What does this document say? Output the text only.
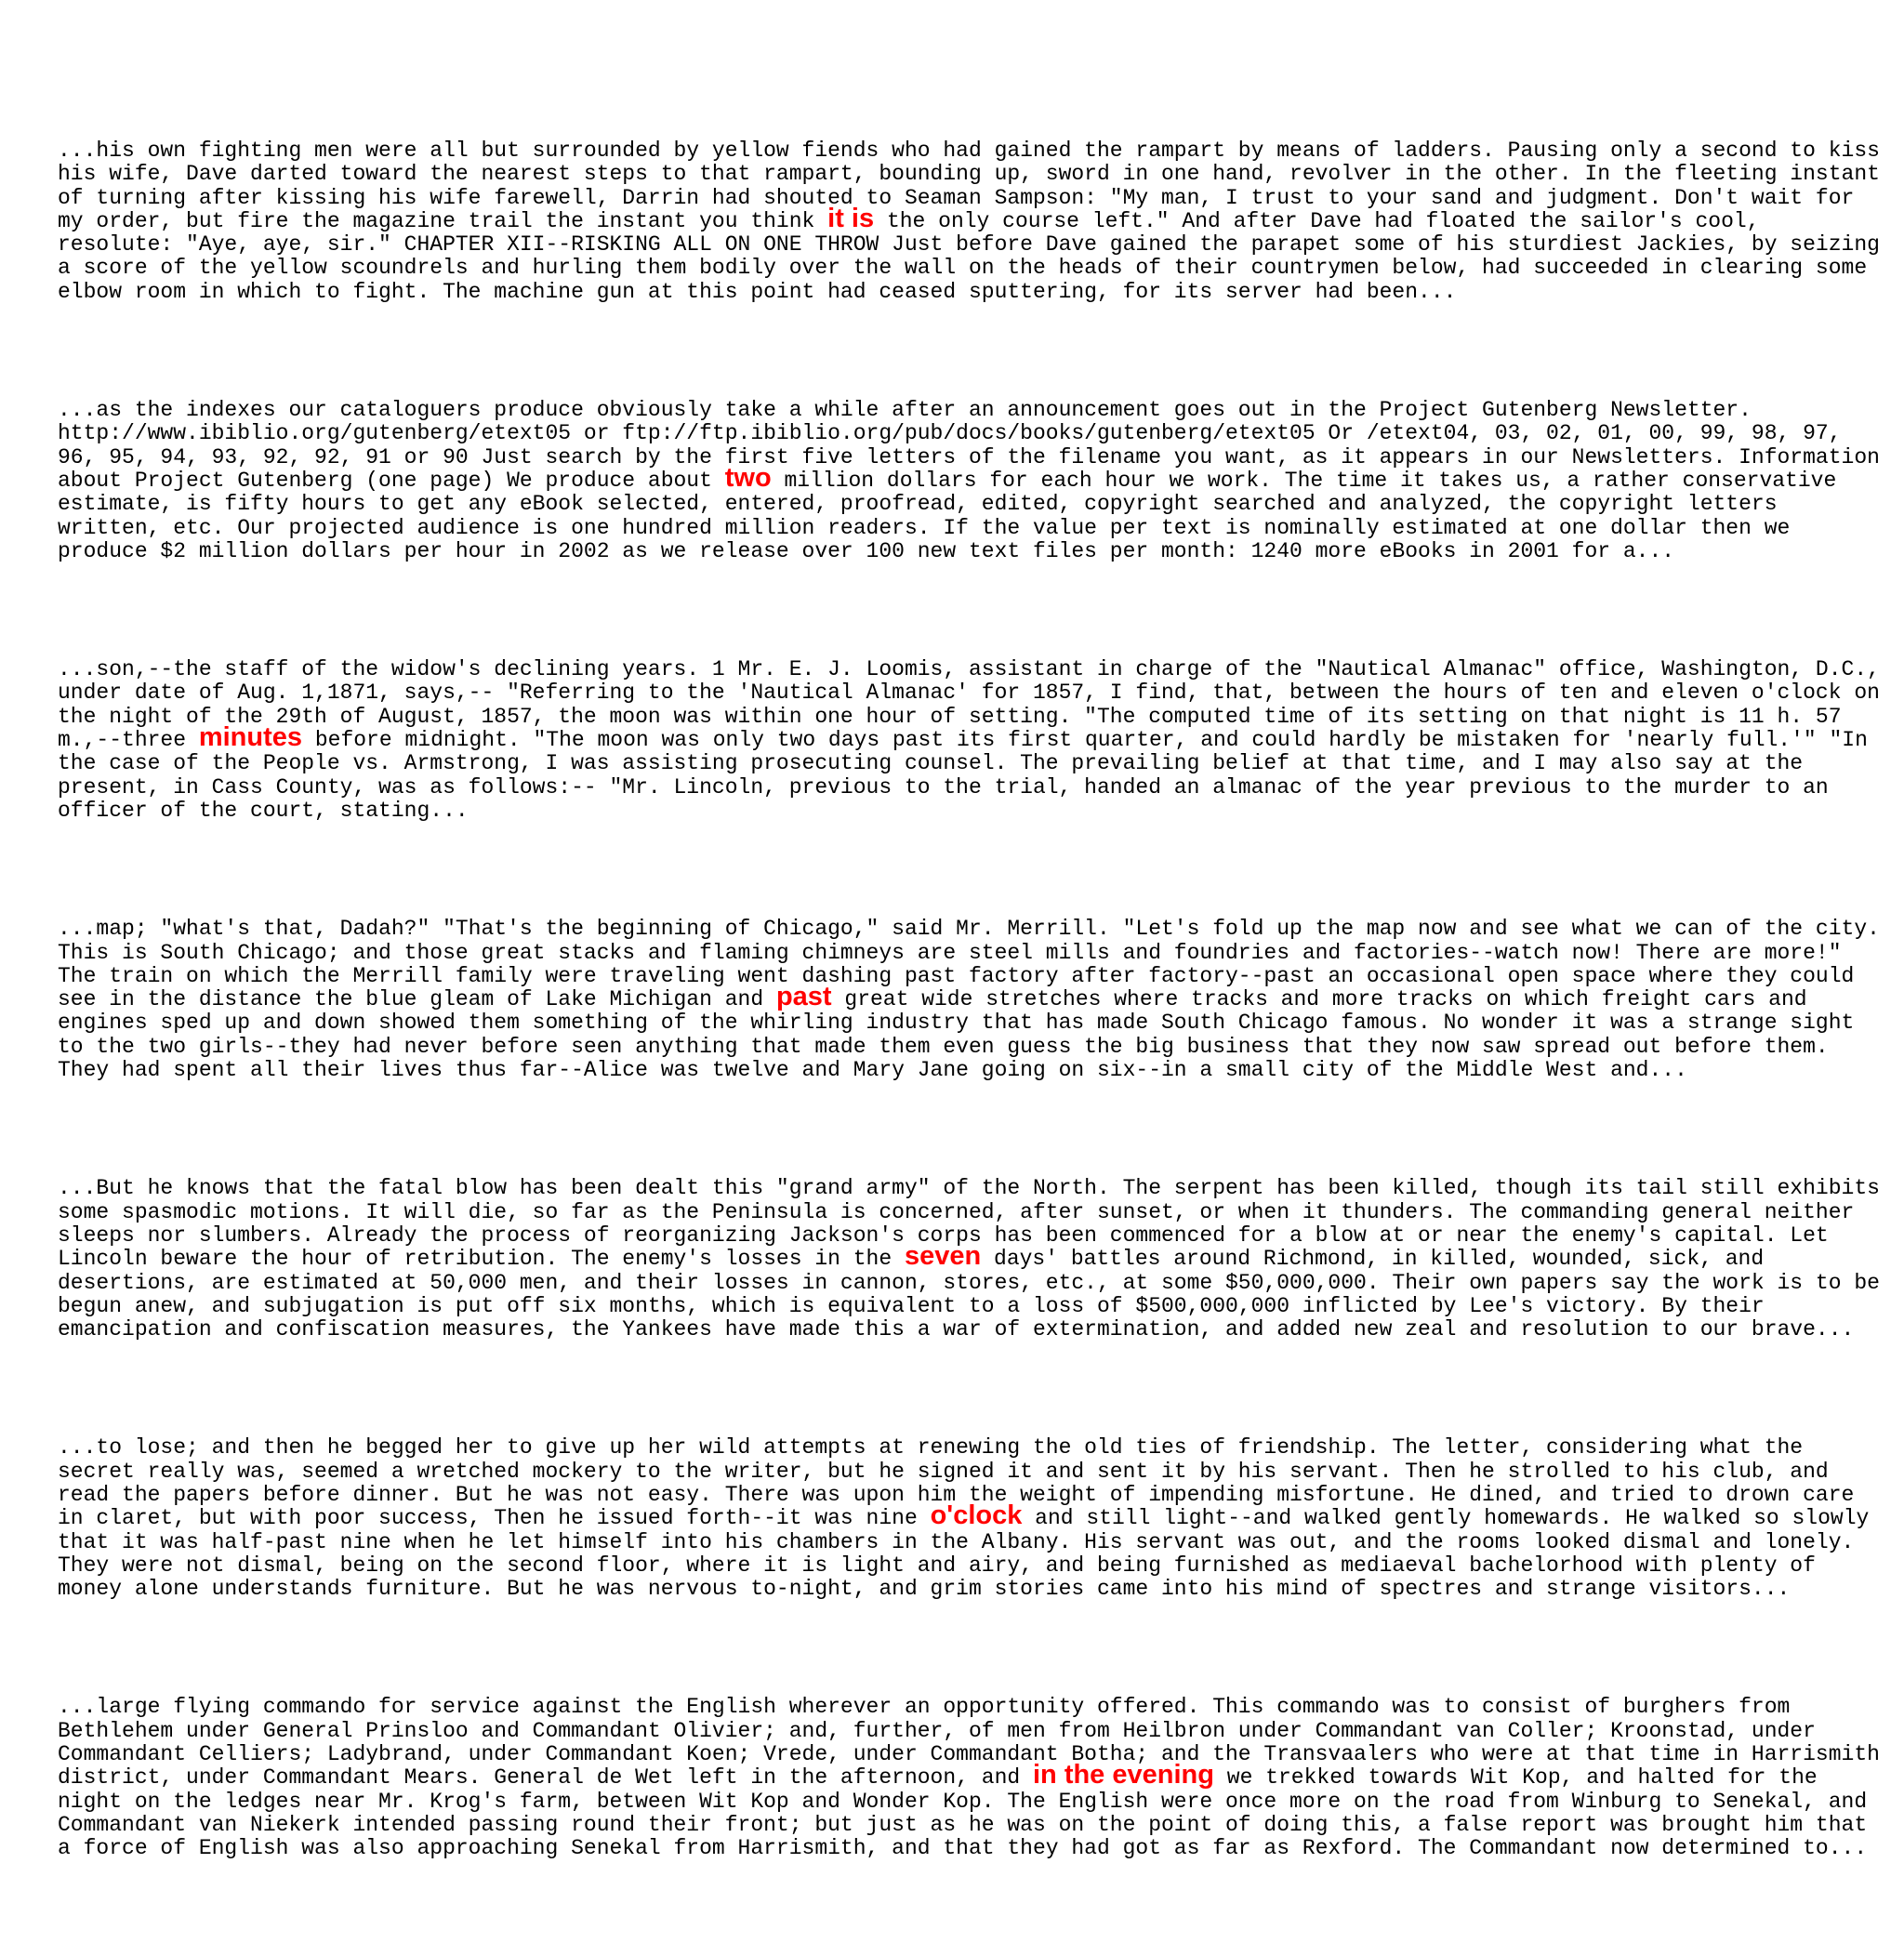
...his own fighting men were all but surrounded by yellow fiends who had gained the rampart by means of ladders. Pausing only a second to kiss his wife, Dave darted toward the nearest steps to that rampart, bounding up, sword in one hand, revolver in the other. In the fleeting instant of turning after kissing his wife farewell, Darrin had shouted to Seaman Sampson: "My man, I trust to your sand and judgment. Don't wait for my order, but fire the magazine trail the instant you think it is the only course left." And after Dave had floated the sailor's cool, resolute: "Aye, aye, sir." CHAPTER XII--RISKING ALL ON ONE THROW Just before Dave gained the parapet some of his sturdiest Jackies, by seizing a score of the yellow scoundrels and hurling them bodily over the wall on the heads of their countrymen below, had succeeded in clearing some elbow room in which to fight. The machine gun at this point had ceased sputtering, for its server had been...

...as the indexes our cataloguers produce obviously take a while after an announcement goes out in the Project Gutenberg Newsletter. http://www.ibiblio.org/gutenberg/etext05 or ftp://ftp.ibiblio.org/pub/docs/books/gutenberg/etext05 Or /etext04, 03, 02, 01, 00, 99, 98, 97, 96, 95, 94, 93, 92, 92, 91 or 90 Just search by the first five letters of the filename you want, as it appears in our Newsletters. Information about Project Gutenberg (one page) We produce about two million dollars for each hour we work. The time it takes us, a rather conservative estimate, is fifty hours to get any eBook selected, entered, proofread, edited, copyright searched and analyzed, the copyright letters written, etc. Our projected audience is one hundred million readers. If the value per text is nominally estimated at one dollar then we produce $2 million dollars per hour in 2002 as we release over 100 new text files per month: 1240 more eBooks in 2001 for a...

...son,--the staff of the widow's declining years. 1 Mr. E. J. Loomis, assistant in charge of the "Nautical Almanac" office, Washington, D.C., under date of Aug. 1,1871, says,-- "Referring to the 'Nautical Almanac' for 1857, I find, that, between the hours of ten and eleven o'clock on the night of the 29th of August, 1857, the moon was within one hour of setting. "The computed time of its setting on that night is 11 h. 57 m.,--three minutes before midnight. "The moon was only two days past its first quarter, and could hardly be mistaken for 'nearly full.'" "In the case of the People vs. Armstrong, I was assisting prosecuting counsel. The prevailing belief at that time, and I may also say at the present, in Cass County, was as follows:-- "Mr. Lincoln, previous to the trial, handed an almanac of the year previous to the murder to an officer of the court, stating...

...map; "what's that, Dadah?" "That's the beginning of Chicago," said Mr. Merrill. "Let's fold up the map now and see what we can of the city. This is South Chicago; and those great stacks and flaming chimneys are steel mills and foundries and factories--watch now! There are more!" The train on which the Merrill family were traveling went dashing past factory after factory--past an occasional open space where they could see in the distance the blue gleam of Lake Michigan and past great wide stretches where tracks and more tracks on which freight cars and engines sped up and down showed them something of the whirling industry that has made South Chicago famous. No wonder it was a strange sight to the two girls--they had never before seen anything that made them even guess the big business that they now saw spread out before them. They had spent all their lives thus far--Alice was twelve and Mary Jane going on six--in a small city of the Middle West and...

...But he knows that the fatal blow has been dealt this "grand army" of the North. The serpent has been killed, though its tail still exhibits some spasmodic motions. It will die, so far as the Peninsula is concerned, after sunset, or when it thunders. The commanding general neither sleeps nor slumbers. Already the process of reorganizing Jackson's corps has been commenced for a blow at or near the enemy's capital. Let Lincoln beware the hour of retribution. The enemy's losses in the seven days' battles around Richmond, in killed, wounded, sick, and desertions, are estimated at 50,000 men, and their losses in cannon, stores, etc., at some $50,000,000. Their own papers say the work is to be begun anew, and subjugation is put off six months, which is equivalent to a loss of $500,000,000 inflicted by Lee's victory. By their emancipation and confiscation measures, the Yankees have made this a war of extermination, and added new zeal and resolution to our brave...

...to lose; and then he begged her to give up her wild attempts at renewing the old ties of friendship. The letter, considering what the secret really was, seemed a wretched mockery to the writer, but he signed it and sent it by his servant. Then he strolled to his club, and read the papers before dinner. But he was not easy. There was upon him the weight of impending misfortune. He dined, and tried to drown care in claret, but with poor success, Then he issued forth--it was nine o'clock and still light--and walked gently homewards. He walked so slowly that it was half-past nine when he let himself into his chambers in the Albany. His servant was out, and the rooms looked dismal and lonely. They were not dismal, being on the second floor, where it is light and airy, and being furnished as mediaeval bachelorhood with plenty of money alone understands furniture. But he was nervous to-night, and grim stories came into his mind of spectres and strange visitors...

...large flying commando for service against the English wherever an opportunity offered. This commando was to consist of burghers from Bethlehem under General Prinsloo and Commandant Olivier; and, further, of men from Heilbron under Commandant van Coller; Kroonstad, under Commandant Celliers; Ladybrand, under Commandant Koen; Vrede, under Commandant Botha; and the Transvaalers who were at that time in Harrismith district, under Commandant Mears. General de Wet left in the afternoon, and in the evening we trekked towards Wit Kop, and halted for the night on the ledges near Mr. Krog's farm, between Wit Kop and Wonder Kop. The English were once more on the road from Winburg to Senekal, and Commandant van Niekerk intended passing round their front; but just as he was on the point of doing this, a false report was brought him that a force of English was also approaching Senekal from Harrismith, and that they had got as far as Rexford. The Commandant now determined to...
